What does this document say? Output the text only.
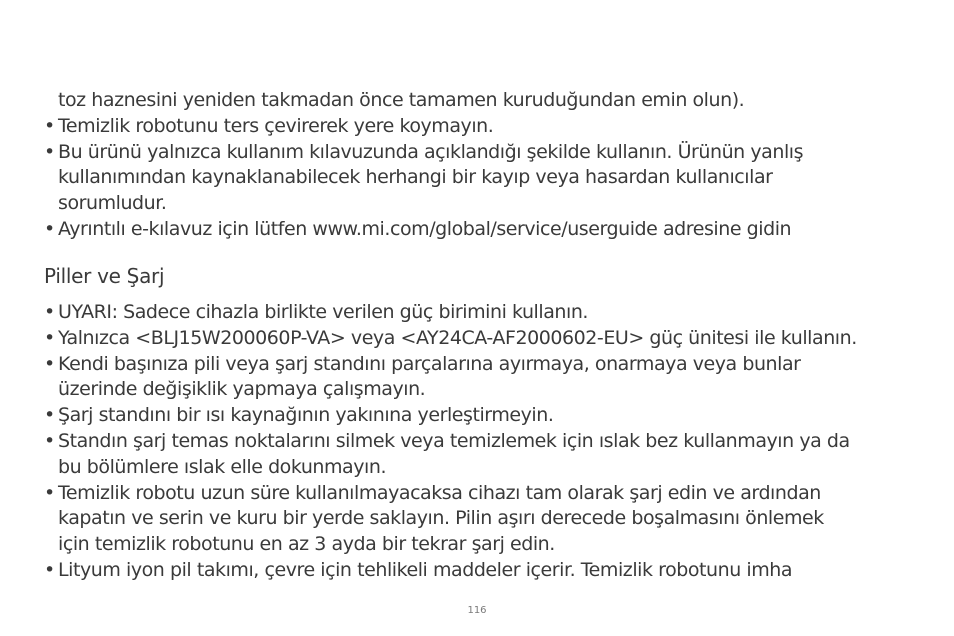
toz haznesini yeniden takmadan önce tamamen kuruduğundan emin olun).
• Temizlik robotunu ters çevirerek yere koymayın.
• Bu ürünü yalnızca kullanım kılavuzunda açıklandığı şekilde kullanın. Ürünün yanlış
kullanımından kaynaklanabilecek herhangi bir kayıp veya hasardan kullanıcılar
sorumludur.
• Ayrıntılı e-kılavuz için lütfen www.mi.com/global/service/userguide adresine gidin
Piller ve Şarj
• UYARI: Sadece cihazla birlikte verilen güç birimini kullanın.
• Yalnızca <BLJ15W200060P-VA> veya <AY24CA-AF2000602-EU> güç ünitesi ile kullanın.
• Kendi başınıza pili veya şarj standını parçalarına ayırmaya, onarmaya veya bunlar
üzerinde değişiklik yapmaya çalışmayın.
• Şarj standını bir ısı kaynağının yakınına yerleştirmeyin.
• Standın şarj temas noktalarını silmek veya temizlemek için ıslak bez kullanmayın ya da
bu bölümlere ıslak elle dokunmayın.
• Temizlik robotu uzun süre kullanılmayacaksa cihazı tam olarak şarj edin ve ardından
kapatın ve serin ve kuru bir yerde saklayın. Pilin aşırı derecede boşalmasını önlemek
için temizlik robotunu en az 3 ayda bir tekrar şarj edin.
• Lityum iyon pil takımı, çevre için tehlikeli maddeler içerir. Temizlik robotunu imha
116
